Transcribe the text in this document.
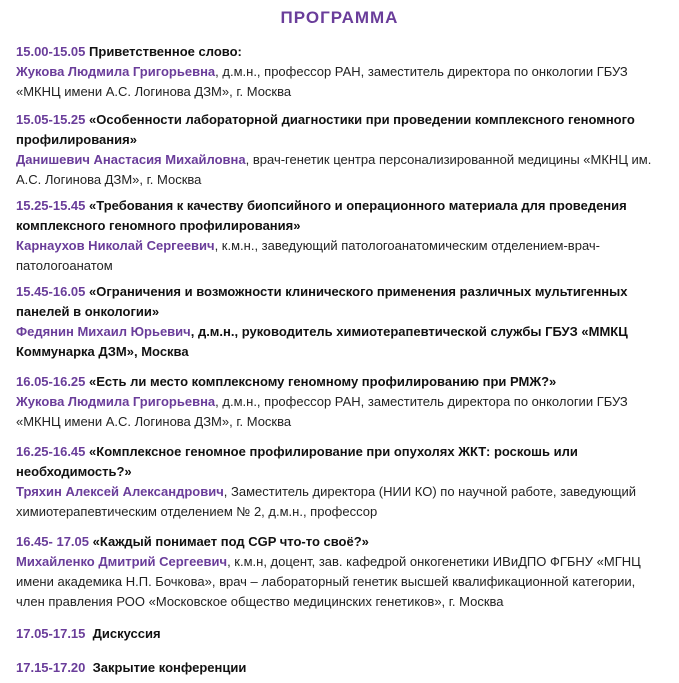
ПРОГРАММА
15.00-15.05 Приветственное слово:
Жукова Людмила Григорьевна, д.м.н., профессор РАН, заместитель директора по онкологии ГБУЗ «МКНЦ имени А.С. Логинова ДЗМ», г. Москва
15.05-15.25 «Особенности лабораторной диагностики при проведении комплексного геномного профилирования»
Данишевич Анастасия Михайловна, врач-генетик центра персонализированной медицины «МКНЦ им. А.С. Логинова ДЗМ», г. Москва
15.25-15.45 «Требования к качеству биопсийного и операционного материала для проведения комплексного геномного профилирования»
Карнаухов Николай Сергеевич, к.м.н., заведующий патологоанатомическим отделением-врач-патологоанатом
15.45-16.05 «Ограничения и возможности клинического применения различных мультигенных панелей в онкологии»
Федянин Михаил Юрьевич, д.м.н., руководитель химиотерапевтической службы ГБУЗ «ММКЦ Коммунарка ДЗМ», Москва
16.05-16.25 «Есть ли место комплексному геномному профилированию при РМЖ?»
Жукова Людмила Григорьевна, д.м.н., профессор РАН, заместитель директора по онкологии ГБУЗ «МКНЦ имени А.С. Логинова ДЗМ», г. Москва
16.25-16.45 «Комплексное геномное профилирование при опухолях ЖКТ: роскошь или необходимость?»
Тряхин Алексей Александрович, Заместитель директора (НИИ КО) по научной работе, заведующий химиотерапевтическим отделением № 2, д.м.н., профессор
16.45- 17.05 «Каждый понимает под CGP что-то своё?»
Михайленко Дмитрий Сергеевич, к.м.н, доцент, зав. кафедрой онкогенетики ИВиДПО ФГБНУ «МГНЦ имени академика Н.П. Бочкова», врач – лабораторный генетик высшей квалификационной категории, член правления РОО «Московское общество медицинских генетиков», г. Москва
17.05-17.15 Дискуссия
17.15-17.20 Закрытие конференции
